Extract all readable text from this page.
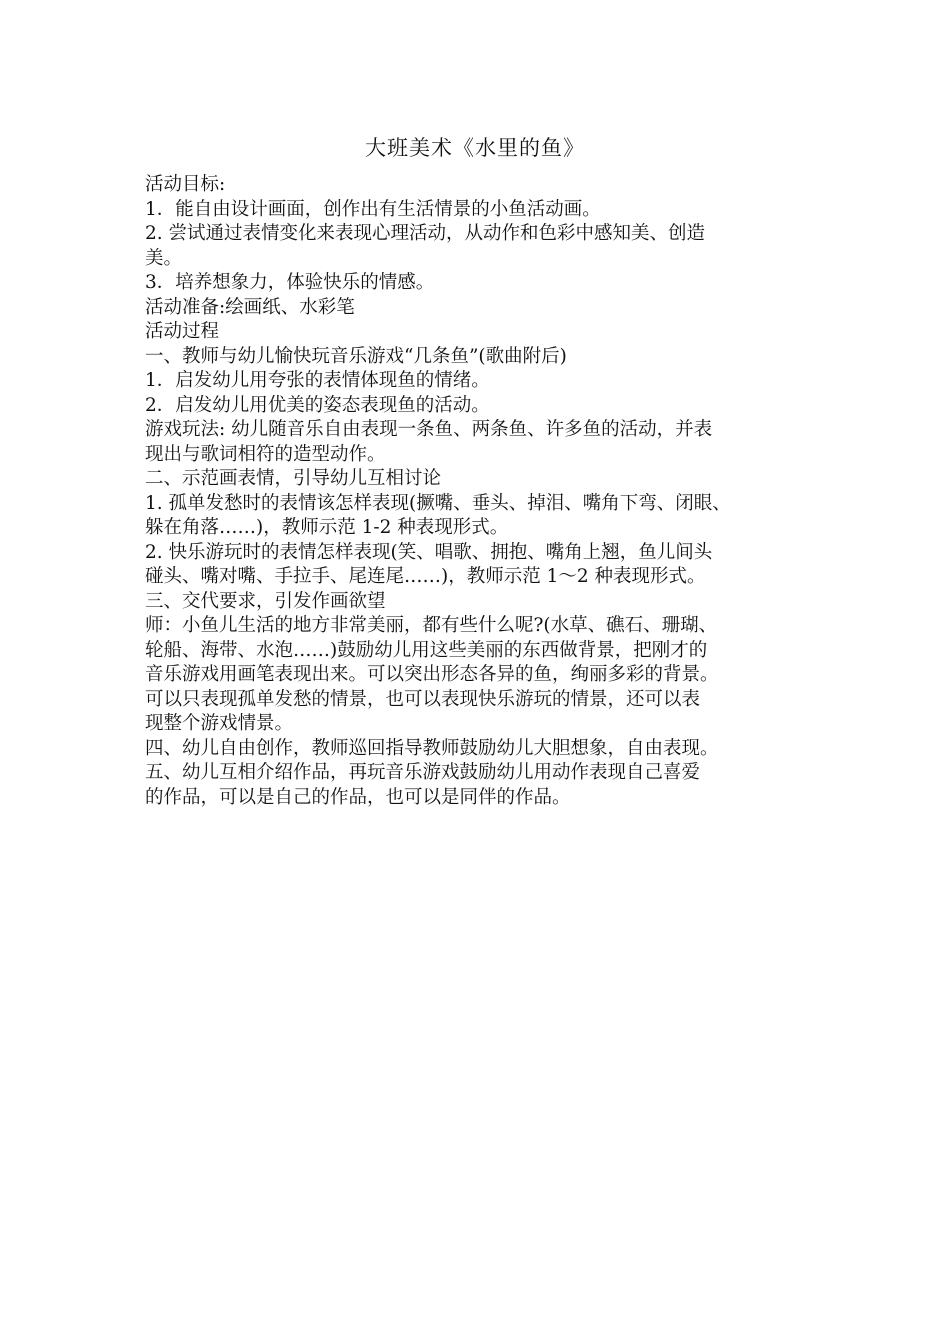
大班美术《水里的鱼》
活动目标:
1．能自由设计画面，创作出有生活情景的小鱼活动画。
2. 尝试通过表情变化来表现心理活动，从动作和色彩中感知美、创造
美。
3．培养想象力，体验快乐的情感。
活动准备:绘画纸、水彩笔
活动过程
一、教师与幼儿愉快玩音乐游戏“几条鱼”(歌曲附后)
1．启发幼儿用夸张的表情体现鱼的情绪。
2．启发幼儿用优美的姿态表现鱼的活动。
游戏玩法: 幼儿随音乐自由表现一条鱼、两条鱼、许多鱼的活动，并表
现出与歌词相符的造型动作。
二、示范画表情，引导幼儿互相讨论
1. 孤单发愁时的表情该怎样表现(撅嘴、垂头、掉泪、嘴角下弯、闭眼、
躲在角落……)，教师示范 1-2 种表现形式。
2. 快乐游玩时的表情怎样表现(笑、唱歌、拥抱、嘴角上翘，鱼儿间头
碰头、嘴对嘴、手拉手、尾连尾……)，教师示范 1～2 种表现形式。
三、交代要求，引发作画欲望
师：小鱼儿生活的地方非常美丽，都有些什么呢?(水草、礁石、珊瑚、
轮船、海带、水泡……)鼓励幼儿用这些美丽的东西做背景，把刚才的
音乐游戏用画笔表现出来。可以突出形态各异的鱼，绚丽多彩的背景。
可以只表现孤单发愁的情景，也可以表现快乐游玩的情景，还可以表
现整个游戏情景。
四、幼儿自由创作，教师巡回指导教师鼓励幼儿大胆想象，自由表现。
五、幼儿互相介绍作品，再玩音乐游戏鼓励幼儿用动作表现自己喜爱
的作品，可以是自己的作品，也可以是同伴的作品。
